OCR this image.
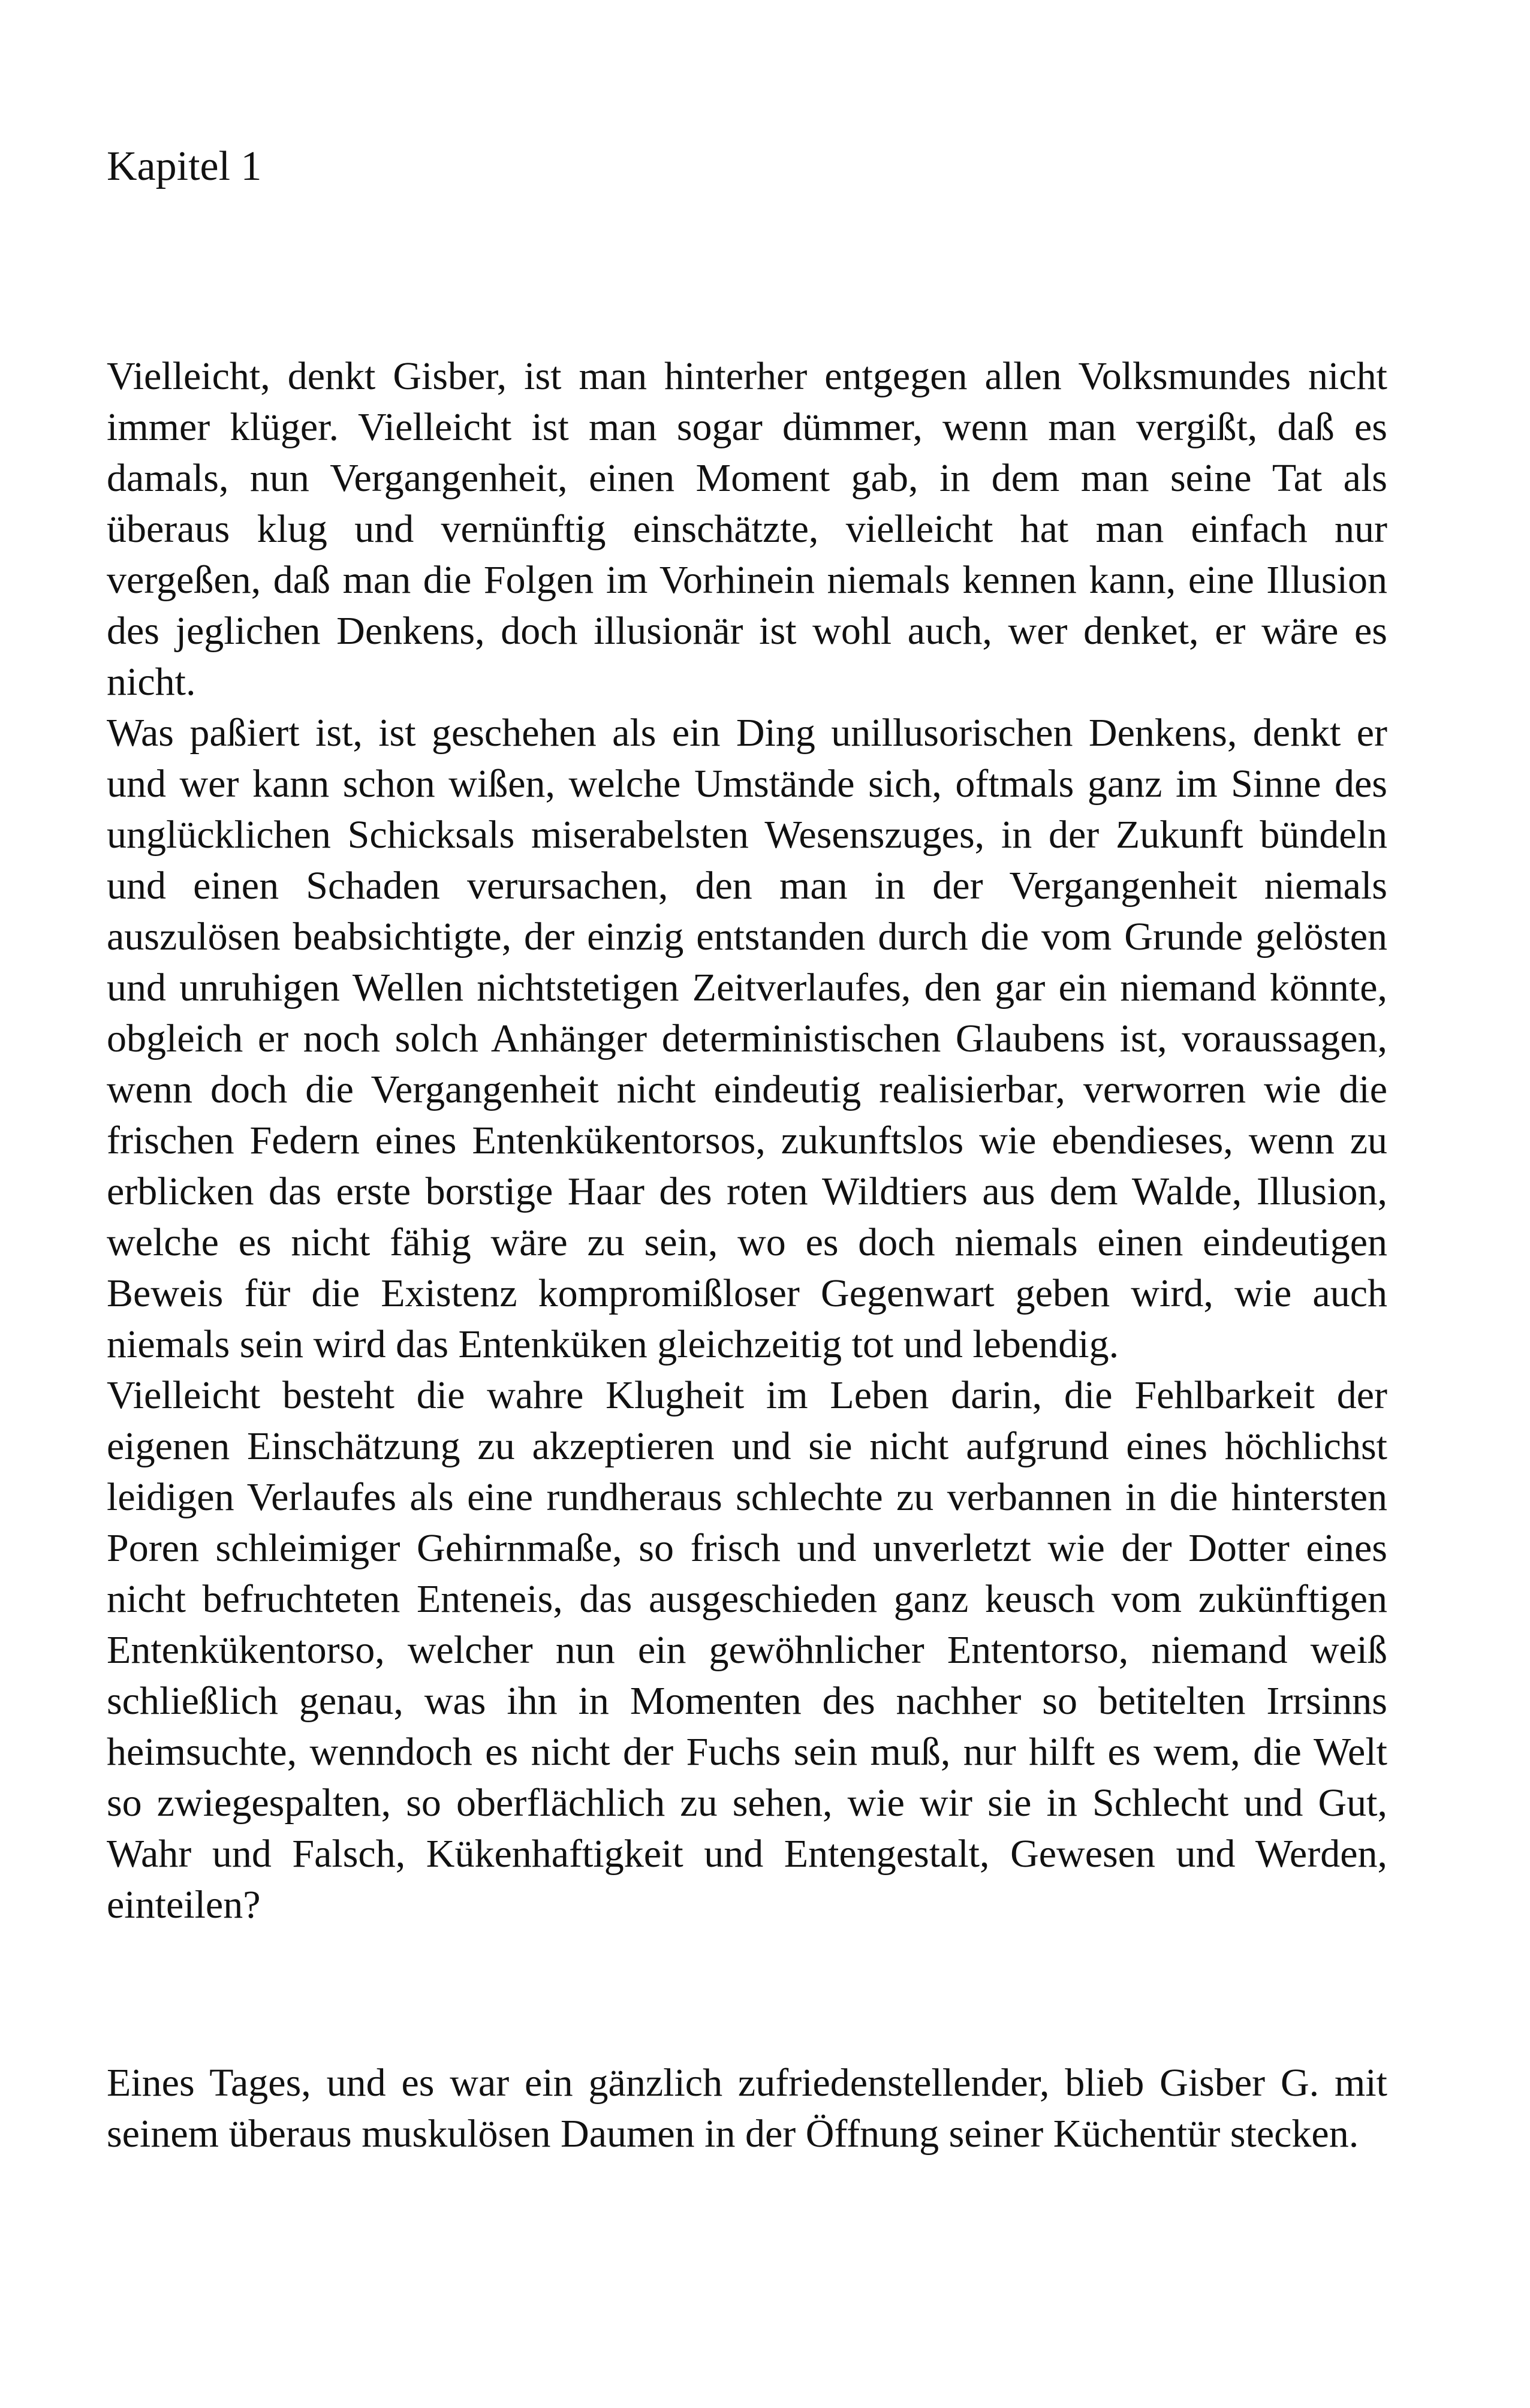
Kapitel 1

Vielleicht, denkt Gisber, ist man hinterher entgegen allen Volksmundes nicht immer klüger. Vielleicht ist man sogar dümmer, wenn man vergißt, daß es damals, nun Vergangenheit, einen Moment gab, in dem man seine Tat als überaus klug und vernünftig einschätzte, vielleicht hat man einfach nur vergeßen, daß man die Folgen im Vorhinein niemals kennen kann, eine Illusion des jeglichen Denkens, doch illusionär ist wohl auch, wer denket, er wäre es nicht.

Was paßiert ist, ist geschehen als ein Ding unillusorischen Denkens, denkt er und wer kann schon wißen, welche Umstände sich, oftmals ganz im Sinne des unglücklichen Schicksals miserabelsten Wesenszuges, in der Zukunft bündeln und einen Schaden verursachen, den man in der Vergangenheit niemals auszulösen beabsichtigte, der einzig entstanden durch die vom Grunde gelösten und unruhigen Wellen nichtstetigen Zeitverlaufes, den gar ein niemand könnte, obgleich er noch solch Anhänger deterministischen Glaubens ist, voraussagen, wenn doch die Vergangenheit nicht eindeutig realisierbar, verworren wie die frischen Federn eines Entenkükentorsos, zukunftslos wie ebendieses, wenn zu erblicken das erste borstige Haar des roten Wildtiers aus dem Walde, Illusion, welche es nicht fähig wäre zu sein, wo es doch niemals einen eindeutigen Beweis für die Existenz kompromißloser Gegenwart geben wird, wie auch niemals sein wird das Entenküken gleichzeitig tot und lebendig.

Vielleicht besteht die wahre Klugheit im Leben darin, die Fehlbarkeit der eigenen Einschätzung zu akzeptieren und sie nicht aufgrund eines höchlichst leidigen Verlaufes als eine rundheraus schlechte zu verbannen in die hintersten Poren schleimiger Gehirnmaße, so frisch und unverletzt wie der Dotter eines nicht befruchteten Enteneis, das ausgeschieden ganz keusch vom zukünftigen Entenkükentorso, welcher nun ein gewöhnlicher Ententorso, niemand weiß schließlich genau, was ihn in Momenten des nachher so betitelten Irrsinns heimsuchte, wenndoch es nicht der Fuchs sein muß, nur hilft es wem, die Welt so zwiegespalten, so oberflächlich zu sehen, wie wir sie in Schlecht und Gut, Wahr und Falsch, Kükenhaftigkeit und Entengestalt, Gewesen und Werden, einteilen?

Eines Tages, und es war ein gänzlich zufriedenstellender, blieb Gisber G. mit seinem überaus muskulösen Daumen in der Öffnung seiner Küchentür stecken.
